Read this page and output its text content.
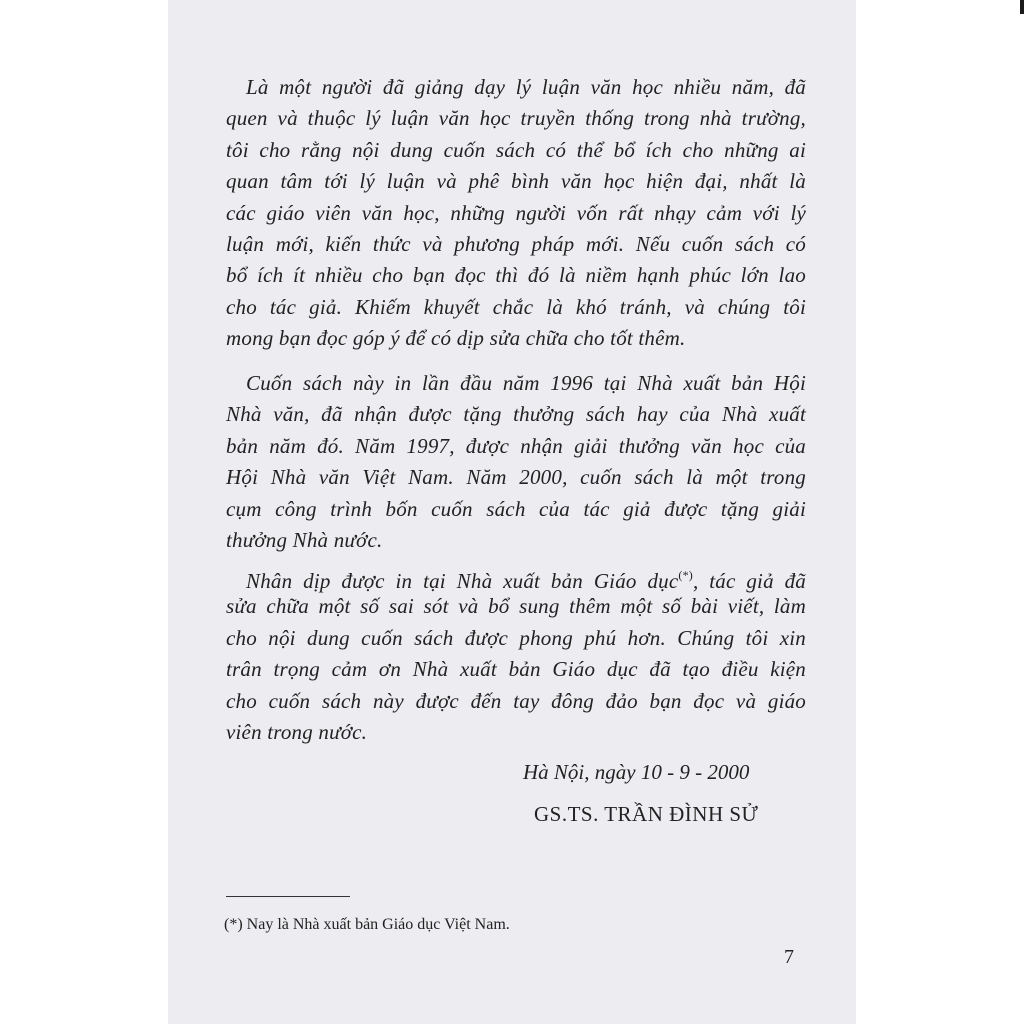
Là một người đã giảng dạy lý luận văn học nhiều năm, đã
quen và thuộc lý luận văn học truyền thống trong nhà trường,
tôi cho rằng nội dung cuốn sách có thể bổ ích cho những ai
quan tâm tới lý luận và phê bình văn học hiện đại, nhất là
các giáo viên văn học, những người vốn rất nhạy cảm với lý
luận mới, kiến thức và phương pháp mới. Nếu cuốn sách có
bổ ích ít nhiều cho bạn đọc thì đó là niềm hạnh phúc lớn lao
cho tác giả. Khiếm khuyết chắc là khó tránh, và chúng tôi
mong bạn đọc góp ý để có dịp sửa chữa cho tốt thêm.
Cuốn sách này in lần đầu năm 1996 tại Nhà xuất bản Hội
Nhà văn, đã nhận được tặng thưởng sách hay của Nhà xuất
bản năm đó. Năm 1997, được nhận giải thưởng văn học của
Hội Nhà văn Việt Nam. Năm 2000, cuốn sách là một trong
cụm công trình bốn cuốn sách của tác giả được tặng giải
thưởng Nhà nước.
Nhân dịp được in tại Nhà xuất bản Giáo dục(*), tác giả đã
sửa chữa một số sai sót và bổ sung thêm một số bài viết, làm
cho nội dung cuốn sách được phong phú hơn. Chúng tôi xin
trân trọng cảm ơn Nhà xuất bản Giáo dục đã tạo điều kiện
cho cuốn sách này được đến tay đông đảo bạn đọc và giáo
viên trong nước.
Hà Nội, ngày 10 - 9 - 2000
GS.TS. TRẦN ĐÌNH SỬ
(*) Nay là Nhà xuất bản Giáo dục Việt Nam.
7
